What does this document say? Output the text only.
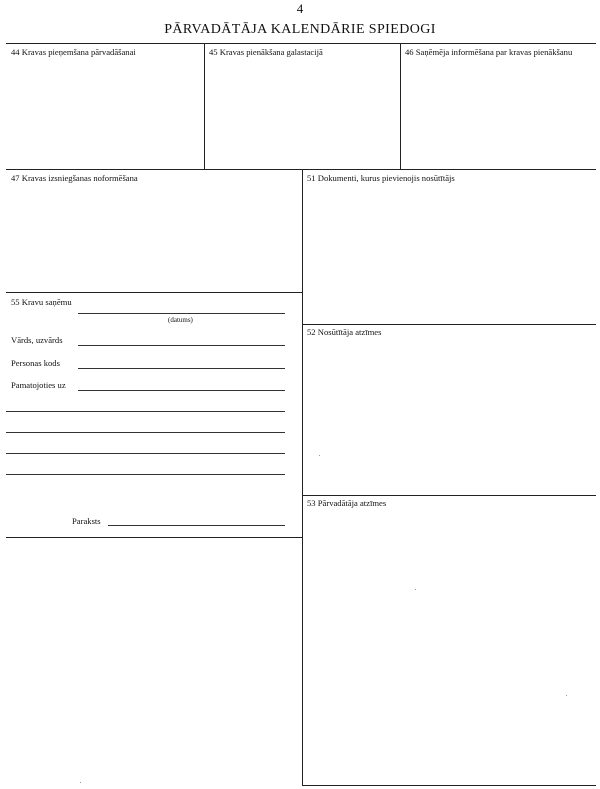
4
PĀRVADĀTĀJA KALENDĀRIE SPIEDOGI
44 Kravas pieņemšana pārvadāšanai	45 Kravas pienākšana galastacijā	46 Saņēmēja informēšana par kravas pienākšanu
47 Kravas izsniegšanas noformēšana	51 Dokumenti, kurus pievienojis nosūtītājs
52 Nosūtītāja atzīmes
53 Pārvadātāja atzīmes
55 Kravu saņēmu
(datums)
Vārds, uzvārds
Personas kods
Pamatojoties uz
Paraksts
